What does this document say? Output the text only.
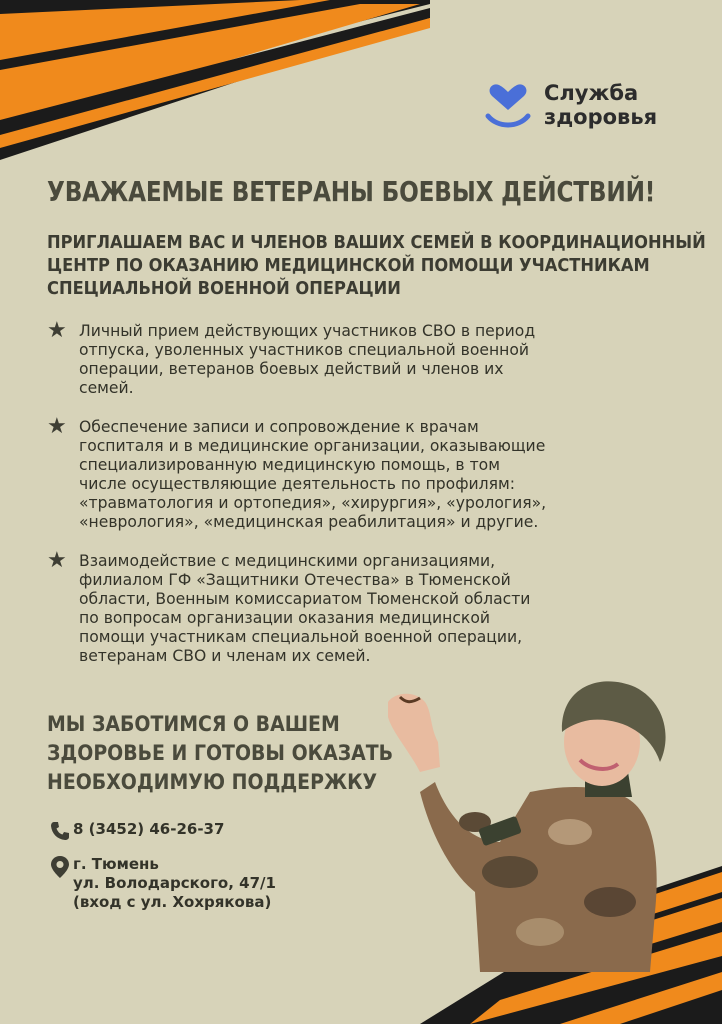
Служба
здоровья
УВАЖАЕМЫЕ ВЕТЕРАНЫ БОЕВЫХ ДЕЙСТВИЙ!
ПРИГЛАШАЕМ ВАС И ЧЛЕНОВ ВАШИХ СЕМЕЙ В КООРДИНАЦИОННЫЙ
ЦЕНТР ПО ОКАЗАНИЮ МЕДИЦИНСКОЙ ПОМОЩИ УЧАСТНИКАМ
СПЕЦИАЛЬНОЙ ВОЕННОЙ ОПЕРАЦИИ
★ Личный прием действующих участников СВО в период
отпуска, уволенных участников специальной военной
операции, ветеранов боевых действий и членов их
семей.
★ Обеспечение записи и сопровождение к врачам
госпиталя и в медицинские организации, оказывающие
специализированную медицинскую помощь, в том
числе осуществляющие деятельность по профилям:
«травматология и ортопедия», «хирургия», «урология»,
«неврология», «медицинская реабилитация» и другие.
★ Взаимодействие с медицинскими организациями,
филиалом ГФ «Защитники Отечества» в Тюменской
области, Военным комиссариатом Тюменской области
по вопросам организации оказания медицинской
помощи участникам специальной военной операции,
ветеранам СВО и членам их семей.
МЫ ЗАБОТИМСЯ О ВАШЕМ
ЗДОРОВЬЕ И ГОТОВЫ ОКАЗАТЬ
НЕОБХОДИМУЮ ПОДДЕРЖКУ
8 (3452) 46-26-37
г. Тюмень
ул. Володарского, 47/1
(вход с ул. Хохрякова)
